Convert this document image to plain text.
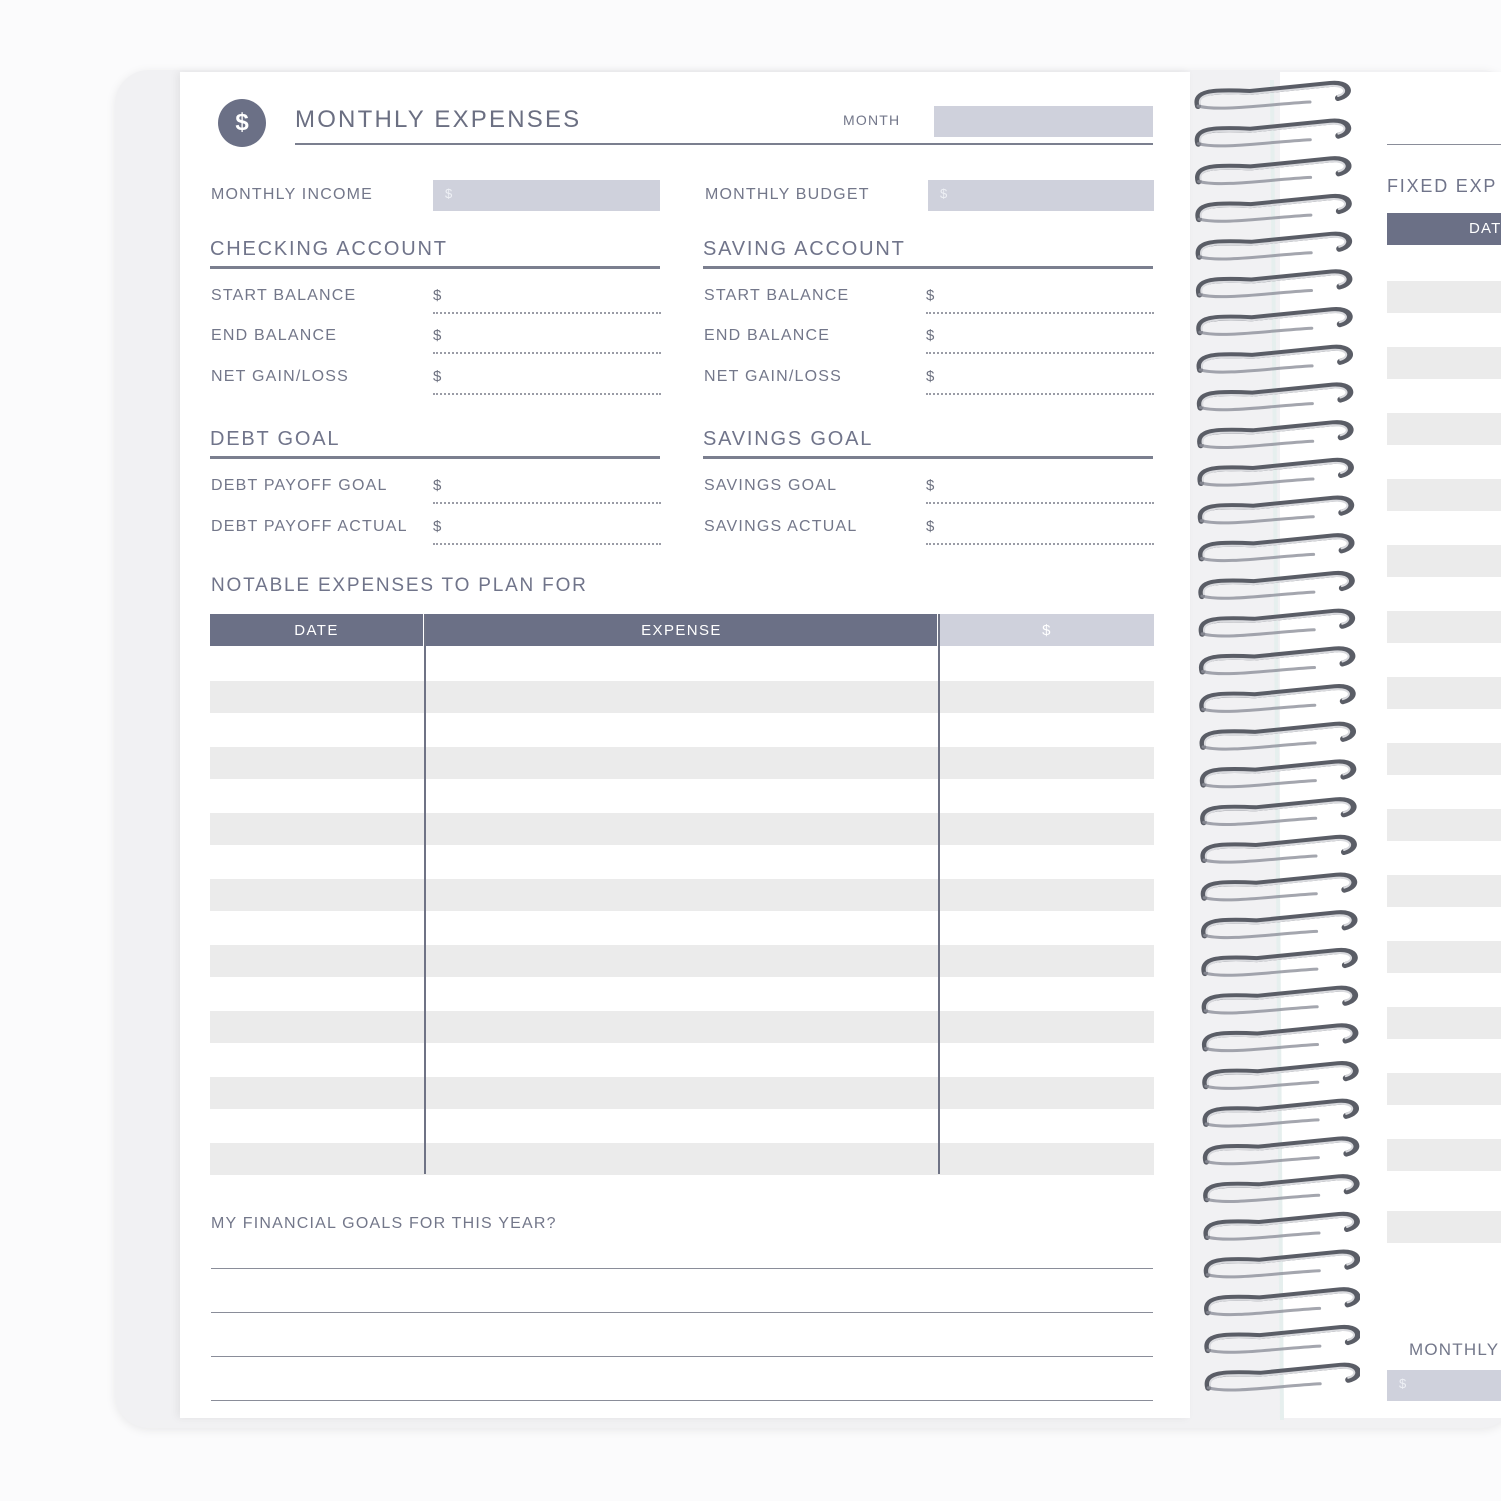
$	MONTHLY EXPENSES	MONTH
MONTHLY INCOME	$	MONTHLY BUDGET	$
CHECKING ACCOUNT
START BALANCE	$
END BALANCE	$
NET GAIN/LOSS	$
SAVING ACCOUNT
START BALANCE	$
END BALANCE	$
NET GAIN/LOSS	$
DEBT GOAL
DEBT PAYOFF GOAL	$
DEBT PAYOFF ACTUAL $
SAVINGS GOAL
SAVINGS GOAL	$
SAVINGS ACTUAL	$
NOTABLE EXPENSES TO PLAN FOR
DATE	EXPENSE	$
MY FINANCIAL GOALS FOR THIS YEAR?
FIXED EXP
DAT
MONTHLY
$
